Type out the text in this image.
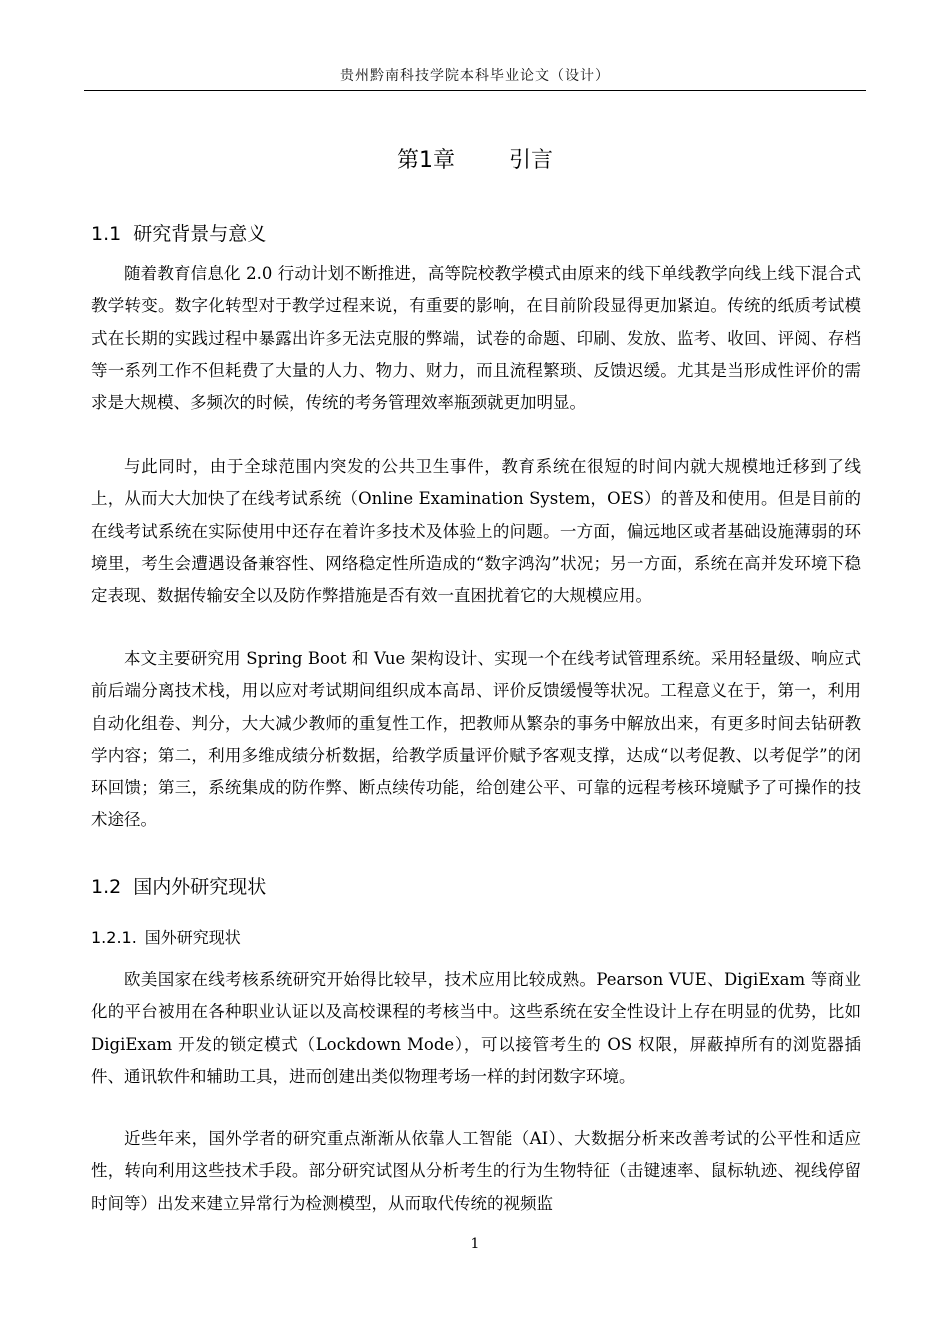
贵州黔南科技学院本科毕业论文（设计）
第1章 引言
1.1 研究背景与意义

随着教育信息化 2.0 行动计划不断推进，高等院校教学模式由原来的线下单线教学向线上线下混合式教学转变。数字化转型对于教学过程来说，有重要的影响，在目前阶段显得更加紧迫。传统的纸质考试模式在长期的实践过程中暴露出许多无法克服的弊端，试卷的命题、印刷、发放、监考、收回、评阅、存档等一系列工作不但耗费了大量的人力、物力、财力，而且流程繁琐、反馈迟缓。尤其是当形成性评价的需求是大规模、多频次的时候，传统的考务管理效率瓶颈就更加明显。

与此同时，由于全球范围内突发的公共卫生事件，教育系统在很短的时间内就大规模地迁移到了线上，从而大大加快了在线考试系统（Online Examination System，OES）的普及和使用。但是目前的在线考试系统在实际使用中还存在着许多技术及体验上的问题。一方面，偏远地区或者基础设施薄弱的环境里，考生会遭遇设备兼容性、网络稳定性所造成的“数字鸿沟”状况；另一方面，系统在高并发环境下稳定表现、数据传输安全以及防作弊措施是否有效一直困扰着它的大规模应用。

本文主要研究用 Spring Boot 和 Vue 架构设计、实现一个在线考试管理系统。采用轻量级、响应式前后端分离技术栈，用以应对考试期间组织成本高昂、评价反馈缓慢等状况。工程意义在于，第一，利用自动化组卷、判分，大大减少教师的重复性工作，把教师从繁杂的事务中解放出来，有更多时间去钻研教学内容；第二，利用多维成绩分析数据，给教学质量评价赋予客观支撑，达成“以考促教、以考促学”的闭环回馈；第三，系统集成的防作弊、断点续传功能，给创建公平、可靠的远程考核环境赋予了可操作的技术途径。

1.2 国内外研究现状
1.2.1. 国外研究现状

欧美国家在线考核系统研究开始得比较早，技术应用比较成熟。Pearson VUE、DigiExam 等商业化的平台被用在各种职业认证以及高校课程的考核当中。这些系统在安全性设计上存在明显的优势，比如 DigiExam 开发的锁定模式（Lockdown Mode），可以接管考生的 OS 权限，屏蔽掉所有的浏览器插件、通讯软件和辅助工具，进而创建出类似物理考场一样的封闭数字环境。

近些年来，国外学者的研究重点渐渐从依靠人工智能（AI）、大数据分析来改善考试的公平性和适应性，转向利用这些技术手段。部分研究试图从分析考生的行为生物特征（击键速率、鼠标轨迹、视线停留时间等）出发来建立异常行为检测模型，从而取代传统的视频监

1
